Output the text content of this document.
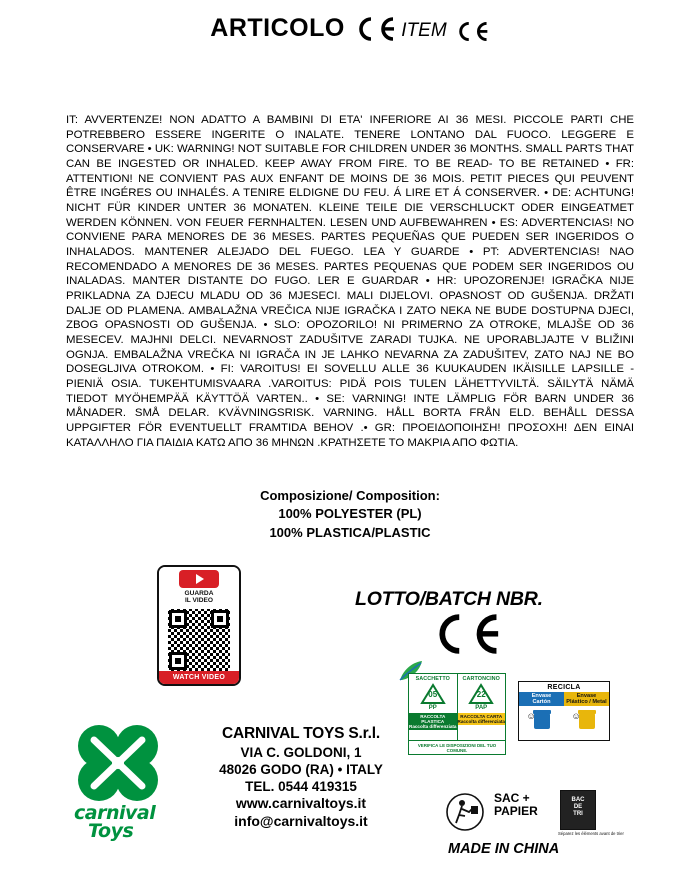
ARTICOLO
	ITEM
IT: AVVERTENZE! NON ADATTO A BAMBINI DI ETA' INFERIORE AI 36 MESI. PICCOLE PARTI CHE POTREBBERO ESSERE INGERITE O INALATE. TENERE LONTANO DAL FUOCO. LEGGERE E CONSERVARE • UK: WARNING! NOT SUITABLE FOR CHILDREN UNDER 36 MONTHS. SMALL PARTS THAT CAN BE INGESTED OR INHALED. KEEP AWAY FROM FIRE. TO BE READ- TO BE RETAINED • FR: ATTENTION! NE CONVIENT PAS AUX ENFANT DE MOINS DE 36 MOIS. PETIT PIECES QUI PEUVENT ÊTRE INGÉRES OU INHALÉS. A TENIRE ELDIGNE DU FEU. Á LIRE ET Á CONSERVER. • DE: ACHTUNG! NICHT FÜR KINDER UNTER 36 MONATEN. KLEINE TEILE DIE VERSCHLUCKT ODER EINGEATMET WERDEN KÖNNEN. VON FEUER FERNHALTEN. LESEN UND AUFBEWAHREN • ES: ADVERTENCIAS! NO CONVIENE PARA MENORES DE 36 MESES. PARTES PEQUEÑAS QUE PUEDEN SER INGERIDOS O INHALADOS. MANTENER ALEJADO DEL FUEGO. LEA Y GUARDE • PT: ADVERTENCIAS! NAO RECOMENDADO A MENORES DE 36 MESES. PARTES PEQUENAS QUE PODEM SER INGERIDOS OU INALADAS. MANTER DISTANTE DO FUGO. LER E GUARDAR • HR: UPOZORENJE! IGRAČKA NIJE PRIKLADNA ZA DJECU MLADU OD 36 MJESECI. MALI DIJELOVI. OPASNOST OD GUŠENJA. DRŽATI DALJE OD PLAMENA. AMBALAŽNA VREČICA NIJE IGRAČKA I ZATO NEKA NE BUDE DOSTUPNA DJECI, ZBOG OPASNOSTI OD GUŠENJA. • SLO: OPOZORILO! NI PRIMERNO ZA OTROKE, MLAJŠE OD 36 MESECEV. MAJHNI DELCI. NEVARNOST ZADUŠITVE ZARADI TUJKA. NE UPORABLJAJTE V BLIŽINI OGNJA. EMBALAŽNA VREČKA NI IGRAČA IN JE LAHKO NEVARNA ZA ZADUŠITEV, ZATO NAJ NE BO DOSEGLJIVA OTROKOM. • FI: VAROITUS! EI SOVELLU ALLE 36 KUUKAUDEN IKÄISILLE LAPSILLE - PIENIÄ OSIA. TUKEHTUMISVAARA .VAROITUS: PIDÄ POIS TULEN LÄHETTYVILTÄ. SÄILYTÄ NÄMÄ TIEDOT MYÖHEMPÄÄ KÄYTTÖÄ VARTEN.. • SE: VARNING! INTE LÄMPLIG FÖR BARN UNDER 36 MÅNADER. SMÅ DELAR. KVÄVNINGSRISK. VARNING. HÅLL BORTA FRÅN ELD. BEHÅLL DESSA UPPGIFTER FÖR EVENTUELLT FRAMTIDA BEHOV .• GR: ΠΡΟΕΙΔΟΠΟΙΗΣΗ! ΠΡΟΣΟΧΗ! ΔΕΝ ΕΙΝΑΙ ΚΑΤΑΛΛΗΛΟ ΓΙΑ ΠΑΙΔΙΑ ΚΑΤΩ ΑΠΟ 36 ΜΗΝΩΝ .ΚΡΑΤΗΣΕΤΕ ΤΟ ΜΑΚΡΙΑ ΑΠΟ ΦΩΤΙΑ.
Composizione/ Composition:
100% POLYESTER (PL)
100% PLASTICA/PLASTIC
GUARDA
IL VIDEO
WATCH VIDEO
LOTTO/BATCH NBR.
SACCHETTO
05
PP
RACCOLTA PLASTICA
Raccolta differenziata
CARTONCINO
22
PAP
RACCOLTA CARTA
Raccolta differenziata
VERIFICA LE DISPOSIZIONI DEL TUO COMUNE.
RECICLA
Envase
Cartón
☺
Envase
Plástico / Metal
☺
SAC +
PAPIER
BAC
DE
TRI
Séparez les éléments avant de trier
carnival
Toys
CARNIVAL TOYS S.r.l.
VIA C. GOLDONI, 1
48026 GODO (RA) • ITALY
TEL. 0544 419315
www.carnivaltoys.it
info@carnivaltoys.it
MADE IN CHINA
